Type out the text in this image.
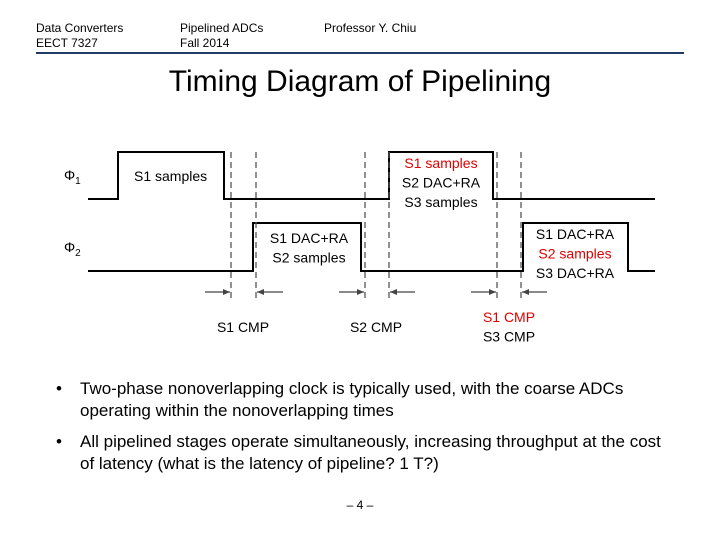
Data Converters
EECT 7327
Pipelined ADCs
Fall 2014
Professor Y. Chiu
Timing Diagram of Pipelining
$\Phi_1$
$\Phi_2$
S1 samples
S1 samples S2 DAC+RA S3 samples
S1 DAC+RA S2 samples
S1 DAC+RA S2 samples S3 DAC+RA
S1 CMP	S2 CMP
S1 CMP S3 CMP
• Two-phase nonoverlapping clock is typically used, with the coarse ADCs operating within the nonoverlapping times
• All pipelined stages operate simultaneously, increasing throughput at the cost of latency (what is the latency of pipeline? 1 T?)
– 4 –
